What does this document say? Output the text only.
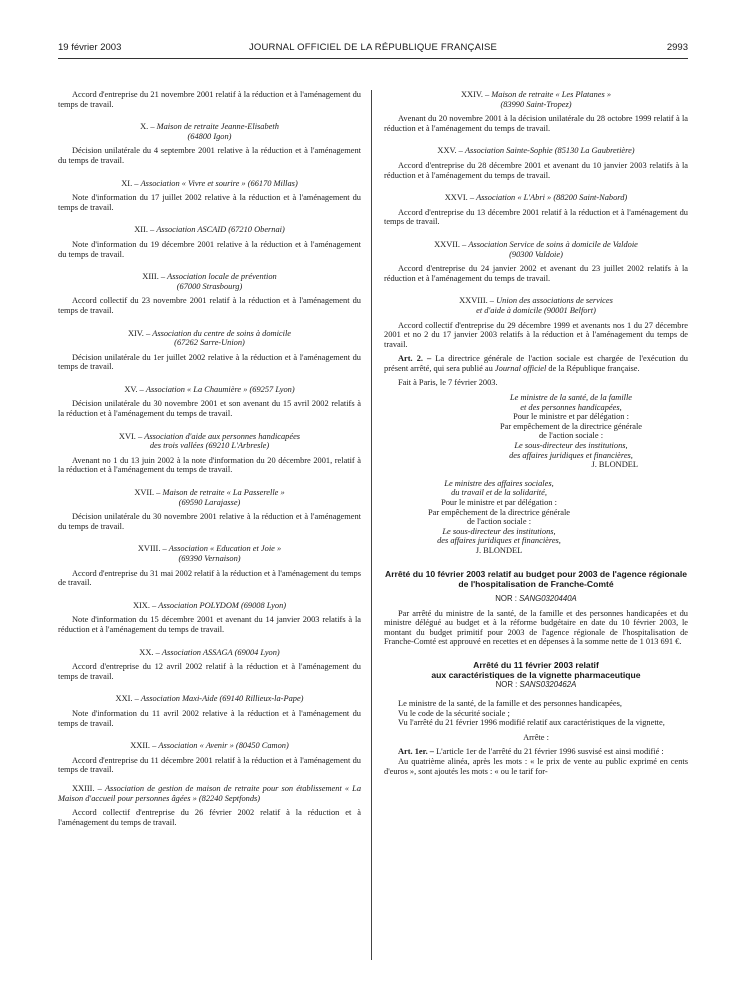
19 février 2003	JOURNAL OFFICIEL DE LA RÉPUBLIQUE FRANÇAISE	2993

Accord d'entreprise du 21 novembre 2001 relatif à la réduction et à l'aménagement du temps de travail.

X. – Maison de retraite Jeanne-Elisabeth
(64800 Igon)

Décision unilatérale du 4 septembre 2001 relative à la réduction et à l'aménagement du temps de travail.

XI. – Association « Vivre et sourire » (66170 Millas)

Note d'information du 17 juillet 2002 relative à la réduction et à l'aménagement du temps de travail.

XII. – Association ASCAID (67210 Obernai)

Note d'information du 19 décembre 2001 relative à la réduction et à l'aménagement du temps de travail.

XIII. – Association locale de prévention
(67000 Strasbourg)

Accord collectif du 23 novembre 2001 relatif à la réduction et à l'aménagement du temps de travail.

XIV. – Association du centre de soins à domicile
(67262 Sarre-Union)

Décision unilatérale du 1er juillet 2002 relative à la réduction et à l'aménagement du temps de travail.

XV. – Association « La Chaumière » (69257 Lyon)

Décision unilatérale du 30 novembre 2001 et son avenant du 15 avril 2002 relatifs à la réduction et à l'aménagement du temps de travail.

XVI. – Association d'aide aux personnes handicapées
des trois vallées (69210 L'Arbresle)

Avenant no 1 du 13 juin 2002 à la note d'information du 20 décembre 2001, relatif à la réduction et à l'aménagement du temps de travail.

XVII. – Maison de retraite « La Passerelle »
(69590 Larajasse)

Décision unilatérale du 30 novembre 2001 relative à la réduction et à l'aménagement du temps de travail.

XVIII. – Association « Education et Joie »
(69390 Vernaison)

Accord d'entreprise du 31 mai 2002 relatif à la réduction et à l'aménagement du temps de travail.

XIX. – Association POLYDOM (69008 Lyon)

Note d'information du 15 décembre 2001 et avenant du 14 janvier 2003 relatifs à la réduction et à l'aménagement du temps de travail.

XX. – Association ASSAGA (69004 Lyon)

Accord d'entreprise du 12 avril 2002 relatif à la réduction et à l'aménagement du temps de travail.

XXI. – Association Maxi-Aide (69140 Rillieux-la-Pape)

Note d'information du 11 avril 2002 relative à la réduction et à l'aménagement du temps de travail.

XXII. – Association « Avenir » (80450 Camon)

Accord d'entreprise du 11 décembre 2001 relatif à la réduction et à l'aménagement du temps de travail.

XXIII. – Association de gestion de maison de retraite pour son établissement « La Maison d'accueil pour personnes âgées » (82240 Septfonds)

Accord collectif d'entreprise du 26 février 2002 relatif à la réduction et à l'aménagement du temps de travail.

XXIV. – Maison de retraite « Les Platanes »
(83990 Saint-Tropez)

Avenant du 20 novembre 2001 à la décision unilatérale du 28 octobre 1999 relatif à la réduction et à l'aménagement du temps de travail.

XXV. – Association Sainte-Sophie (85130 La Gaubretière)

Accord d'entreprise du 28 décembre 2001 et avenant du 10 janvier 2003 relatifs à la réduction et à l'aménagement du temps de travail.

XXVI. – Association « L'Abri » (88200 Saint-Nabord)

Accord d'entreprise du 13 décembre 2001 relatif à la réduction et à l'aménagement du temps de travail.

XXVII. – Association Service de soins à domicile de Valdoie
(90300 Valdoie)

Accord d'entreprise du 24 janvier 2002 et avenant du 23 juillet 2002 relatifs à la réduction et à l'aménagement du temps de travail.

XXVIII. – Union des associations de services
et d'aide à domicile (90001 Belfort)

Accord collectif d'entreprise du 29 décembre 1999 et avenants nos 1 du 27 décembre 2001 et no 2 du 17 janvier 2003 relatifs à la réduction et à l'aménagement du temps de travail.

Art. 2. – La directrice générale de l'action sociale est chargée de l'exécution du présent arrêté, qui sera publié au Journal officiel de la République française.

Fait à Paris, le 7 février 2003.

Le ministre de la santé, de la famille
et des personnes handicapées,
Pour le ministre et par délégation :
Par empêchement de la directrice générale
de l'action sociale :
Le sous-directeur des institutions,
des affaires juridiques et financières,
J. BLONDEL
Le ministre des affaires sociales,
du travail et de la solidarité,
Pour le ministre et par délégation :
Par empêchement de la directrice générale
de l'action sociale :
Le sous-directeur des institutions,
des affaires juridiques et financières,
J. BLONDEL
Arrêté du 10 février 2003 relatif au budget pour 2003 de l'agence régionale de l'hospitalisation de Franche-Comté
NOR : SANG0320440A

Par arrêté du ministre de la santé, de la famille et des personnes handicapées et du ministre délégué au budget et à la réforme budgétaire en date du 10 février 2003, le montant du budget primitif pour 2003 de l'agence régionale de l'hospitalisation de Franche-Comté est approuvé en recettes et en dépenses à la somme nette de 1 013 691 €.

Arrêté du 11 février 2003 relatif
aux caractéristiques de la vignette pharmaceutique
NOR : SANS0320462A

Le ministre de la santé, de la famille et des personnes handicapées,

Vu le code de la sécurité sociale ;

Vu l'arrêté du 21 février 1996 modifié relatif aux caractéristiques de la vignette,

Arrête :

Art. 1er. – L'article 1er de l'arrêté du 21 février 1996 susvisé est ainsi modifié :

Au quatrième alinéa, après les mots : « le prix de vente au public exprimé en cents d'euros », sont ajoutés les mots : « ou le tarif for-
